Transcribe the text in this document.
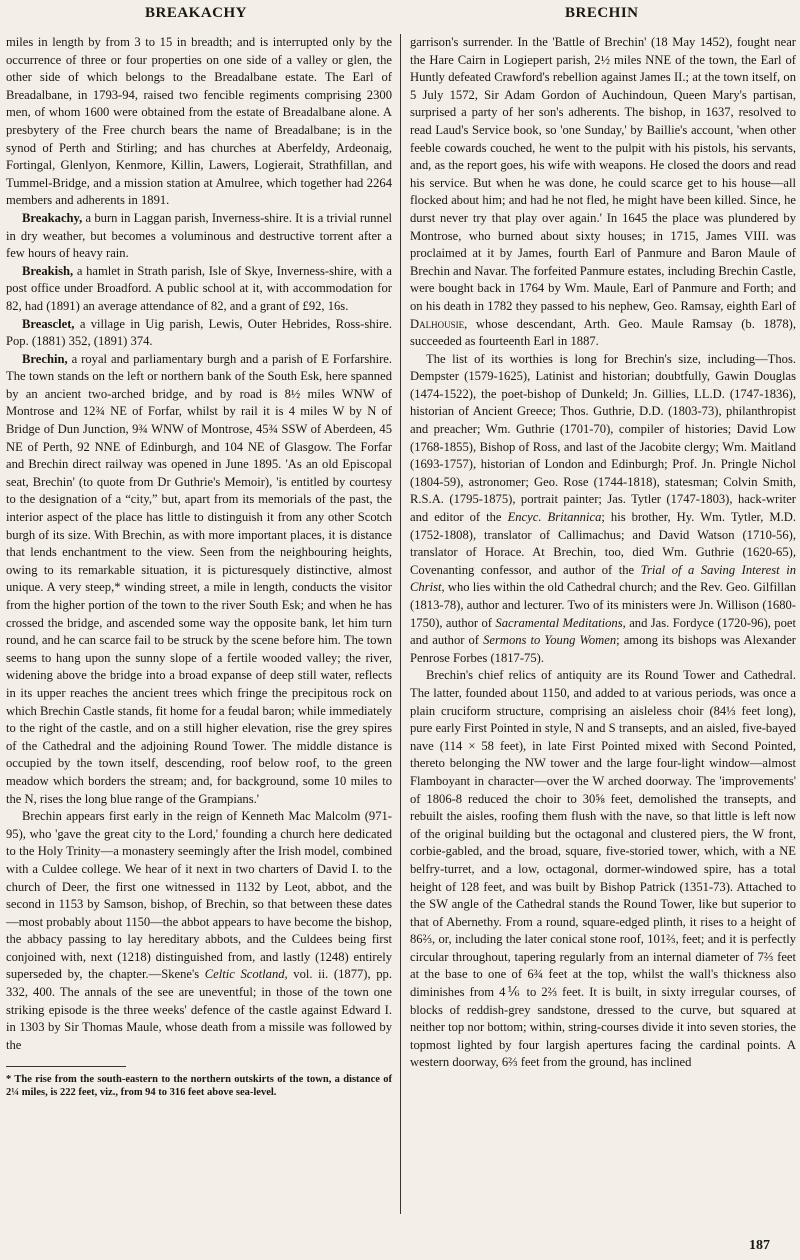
BREAKACHY	BRECHIN

miles in length by from 3 to 15 in breadth; and is interrupted only by the occurrence of three or four properties on one side of a valley or glen, the other side of which belongs to the Breadalbane estate. The Earl of Breadalbane, in 1793-94, raised two fencible regiments comprising 2300 men, of whom 1600 were obtained from the estate of Breadalbane alone. A presbytery of the Free church bears the name of Breadalbane; is in the synod of Perth and Stirling; and has churches at Aberfeldy, Ardeonaig, Fortingal, Glenlyon, Kenmore, Killin, Lawers, Logierait, Strathfillan, and Tummel-Bridge, and a mission station at Amulree, which together had 2264 members and adherents in 1891.

Breakachy, a burn in Laggan parish, Inverness-shire. It is a trivial runnel in dry weather, but becomes a voluminous and destructive torrent after a few hours of heavy rain.

Breakish, a hamlet in Strath parish, Isle of Skye, Inverness-shire, with a post office under Broadford. A public school at it, with accommodation for 82, had (1891) an average attendance of 82, and a grant of £92, 16s.

Breasclet, a village in Uig parish, Lewis, Outer Hebrides, Ross-shire. Pop. (1881) 352, (1891) 374.

Brechin, a royal and parliamentary burgh and a parish of E Forfarshire. The town stands on the left or northern bank of the South Esk, here spanned by an ancient two-arched bridge, and by road is 8½ miles WNW of Montrose and 12¾ NE of Forfar, whilst by rail it is 4 miles W by N of Bridge of Dun Junction, 9¾ WNW of Montrose, 45¾ SSW of Aberdeen, 45 NE of Perth, 92 NNE of Edinburgh, and 104 NE of Glasgow. The Forfar and Brechin direct railway was opened in June 1895. 'As an old Episcopal seat, Brechin' (to quote from Dr Guthrie's Memoir), 'is entitled by courtesy to the designation of a “city,” but, apart from its memorials of the past, the interior aspect of the place has little to distinguish it from any other Scotch burgh of its size. With Brechin, as with more important places, it is distance that lends enchantment to the view. Seen from the neighbouring heights, owing to its remarkable situation, it is picturesquely distinctive, almost unique. A very steep,* winding street, a mile in length, conducts the visitor from the higher portion of the town to the river South Esk; and when he has crossed the bridge, and ascended some way the opposite bank, let him turn round, and he can scarce fail to be struck by the scene before him. The town seems to hang upon the sunny slope of a fertile wooded valley; the river, widening above the bridge into a broad expanse of deep still water, reflects in its upper reaches the ancient trees which fringe the precipitous rock on which Brechin Castle stands, fit home for a feudal baron; while immediately to the right of the castle, and on a still higher elevation, rise the grey spires of the Cathedral and the adjoining Round Tower. The middle distance is occupied by the town itself, descending, roof below roof, to the green meadow which borders the stream; and, for background, some 10 miles to the N, rises the long blue range of the Grampians.'

Brechin appears first early in the reign of Kenneth Mac Malcolm (971-95), who 'gave the great city to the Lord,' founding a church here dedicated to the Holy Trinity—a monastery seemingly after the Irish model, combined with a Culdee college. We hear of it next in two charters of David I. to the church of Deer, the first one witnessed in 1132 by Leot, abbot, and the second in 1153 by Samson, bishop, of Brechin, so that between these dates—most probably about 1150—the abbot appears to have become the bishop, the abbacy passing to lay hereditary abbots, and the Culdees being first conjoined with, next (1218) distinguished from, and lastly (1248) entirely superseded by, the chapter.—Skene's Celtic Scotland, vol. ii. (1877), pp. 332, 400. The annals of the see are uneventful; in those of the town one striking episode is the three weeks' defence of the castle against Edward I. in 1303 by Sir Thomas Maule, whose death from a missile was followed by the

* The rise from the south-eastern to the northern outskirts of the town, a distance of 2¼ miles, is 222 feet, viz., from 94 to 316 feet above sea-level.

garrison's surrender. In the 'Battle of Brechin' (18 May 1452), fought near the Hare Cairn in Logiepert parish, 2½ miles NNE of the town, the Earl of Huntly defeated Crawford's rebellion against James II.; at the town itself, on 5 July 1572, Sir Adam Gordon of Auchindoun, Queen Mary's partisan, surprised a party of her son's adherents. The bishop, in 1637, resolved to read Laud's Service book, so 'one Sunday,' by Baillie's account, 'when other feeble cowards couched, he went to the pulpit with his pistols, his servants, and, as the report goes, his wife with weapons. He closed the doors and read his service. But when he was done, he could scarce get to his house—all flocked about him; and had he not fled, he might have been killed. Since, he durst never try that play over again.' In 1645 the place was plundered by Montrose, who burned about sixty houses; in 1715, James VIII. was proclaimed at it by James, fourth Earl of Panmure and Baron Maule of Brechin and Navar. The forfeited Panmure estates, including Brechin Castle, were bought back in 1764 by Wm. Maule, Earl of Panmure and Forth; and on his death in 1782 they passed to his nephew, Geo. Ramsay, eighth Earl of Dalhousie, whose descendant, Arth. Geo. Maule Ramsay (b. 1878), succeeded as fourteenth Earl in 1887.

The list of its worthies is long for Brechin's size, including—Thos. Dempster (1579-1625), Latinist and historian; doubtfully, Gawin Douglas (1474-1522), the poet-bishop of Dunkeld; Jn. Gillies, LL.D. (1747-1836), historian of Ancient Greece; Thos. Guthrie, D.D. (1803-73), philanthropist and preacher; Wm. Guthrie (1701-70), compiler of histories; David Low (1768-1855), Bishop of Ross, and last of the Jacobite clergy; Wm. Maitland (1693-1757), historian of London and Edinburgh; Prof. Jn. Pringle Nichol (1804-59), astronomer; Geo. Rose (1744-1818), statesman; Colvin Smith, R.S.A. (1795-1875), portrait painter; Jas. Tytler (1747-1803), hack-writer and editor of the Encyc. Britannica; his brother, Hy. Wm. Tytler, M.D. (1752-1808), translator of Callimachus; and David Watson (1710-56), translator of Horace. At Brechin, too, died Wm. Guthrie (1620-65), Covenanting confessor, and author of the Trial of a Saving Interest in Christ, who lies within the old Cathedral church; and the Rev. Geo. Gilfillan (1813-78), author and lecturer. Two of its ministers were Jn. Willison (1680-1750), author of Sacramental Meditations, and Jas. Fordyce (1720-96), poet and author of Sermons to Young Women; among its bishops was Alexander Penrose Forbes (1817-75).

Brechin's chief relics of antiquity are its Round Tower and Cathedral. The latter, founded about 1150, and added to at various periods, was once a plain cruciform structure, comprising an aisleless choir (84⅓ feet long), pure early First Pointed in style, N and S transepts, and an aisled, five-bayed nave (114 × 58 feet), in late First Pointed mixed with Second Pointed, thereto belonging the NW tower and the large four-light window—almost Flamboyant in character—over the W arched doorway. The 'improvements' of 1806-8 reduced the choir to 30⅝ feet, demolished the transepts, and rebuilt the aisles, roofing them flush with the nave, so that little is left now of the original building but the octagonal and clustered piers, the W front, corbie-gabled, and the broad, square, five-storied tower, which, with a NE belfry-turret, and a low, octagonal, dormer-windowed spire, has a total height of 128 feet, and was built by Bishop Patrick (1351-73). Attached to the SW angle of the Cathedral stands the Round Tower, like but superior to that of Abernethy. From a round, square-edged plinth, it rises to a height of 86⅔, or, including the later conical stone roof, 101⅔, feet; and it is perfectly circular throughout, tapering regularly from an internal diameter of 7⅔ feet at the base to one of 6¾ feet at the top, whilst the wall's thickness also diminishes from 4⅙ to 2⅔ feet. It is built, in sixty irregular courses, of blocks of reddish-grey sandstone, dressed to the curve, but squared at neither top nor bottom; within, string-courses divide it into seven stories, the topmost lighted by four largish apertures facing the cardinal points. A western doorway, 6⅔ feet from the ground, has inclined

187
